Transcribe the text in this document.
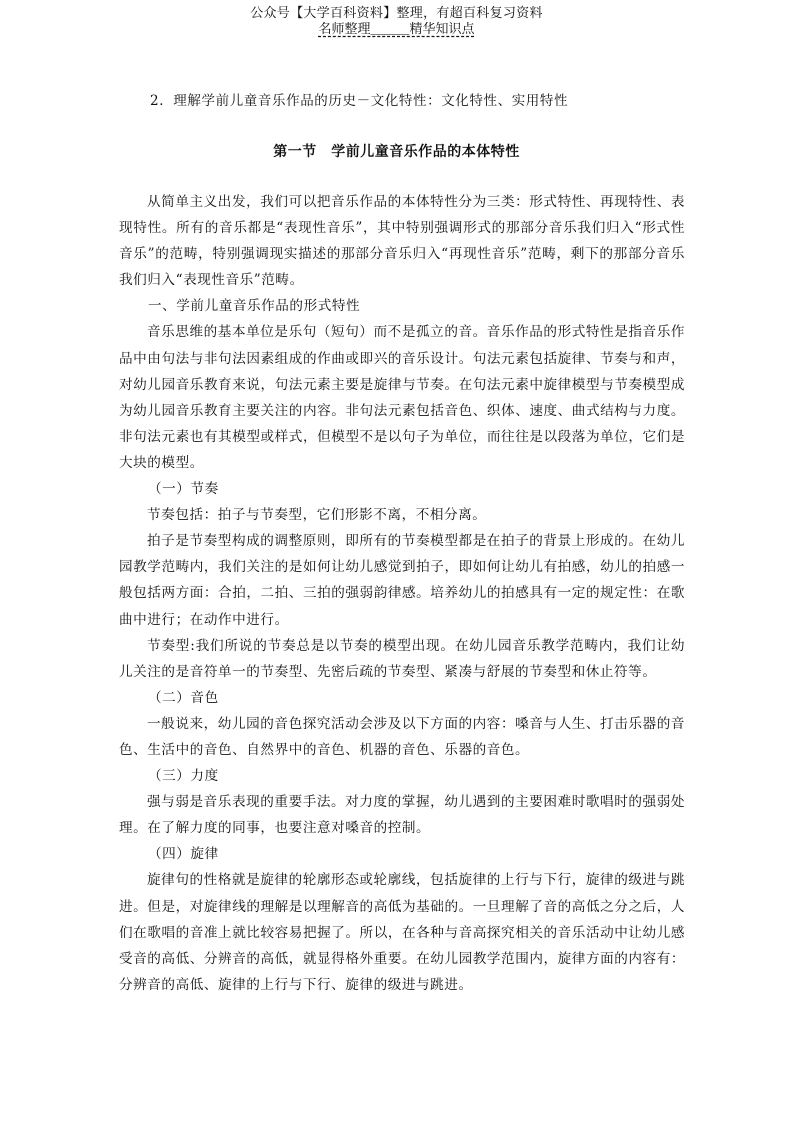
公众号【大学百科资料】整理，有超百科复习资料
名师整理＿＿＿精华知识点
2．理解学前儿童音乐作品的历史－文化特性：文化特性、实用特性
第一节　学前儿童音乐作品的本体特性

从简单主义出发，我们可以把音乐作品的本体特性分为三类：形式特性、再现特性、表现特性。所有的音乐都是“表现性音乐”，其中特别强调形式的那部分音乐我们归入“形式性音乐”的范畴，特别强调现实描述的那部分音乐归入“再现性音乐”范畴，剩下的那部分音乐我们归入“表现性音乐”范畴。

一、学前儿童音乐作品的形式特性

音乐思维的基本单位是乐句（短句）而不是孤立的音。音乐作品的形式特性是指音乐作品中由句法与非句法因素组成的作曲或即兴的音乐设计。句法元素包括旋律、节奏与和声，对幼儿园音乐教育来说，句法元素主要是旋律与节奏。在句法元素中旋律模型与节奏模型成为幼儿园音乐教育主要关注的内容。非句法元素包括音色、织体、速度、曲式结构与力度。非句法元素也有其模型或样式，但模型不是以句子为单位，而往往是以段落为单位，它们是大块的模型。

（一）节奏

节奏包括：拍子与节奏型，它们形影不离，不相分离。

拍子是节奏型构成的调整原则，即所有的节奏模型都是在拍子的背景上形成的。在幼儿园教学范畴内，我们关注的是如何让幼儿感觉到拍子，即如何让幼儿有拍感，幼儿的拍感一般包括两方面：合拍，二拍、三拍的强弱韵律感。培养幼儿的拍感具有一定的规定性：在歌曲中进行；在动作中进行。

节奏型:我们所说的节奏总是以节奏的模型出现。在幼儿园音乐教学范畴内，我们让幼儿关注的是音符单一的节奏型、先密后疏的节奏型、紧凑与舒展的节奏型和休止符等。

（二）音色

一般说来，幼儿园的音色探究活动会涉及以下方面的内容：嗓音与人生、打击乐器的音色、生活中的音色、自然界中的音色、机器的音色、乐器的音色。

（三）力度

强与弱是音乐表现的重要手法。对力度的掌握，幼儿遇到的主要困难时歌唱时的强弱处理。在了解力度的同事，也要注意对嗓音的控制。

（四）旋律

旋律句的性格就是旋律的轮廓形态或轮廓线，包括旋律的上行与下行，旋律的级进与跳进。但是，对旋律线的理解是以理解音的高低为基础的。一旦理解了音的高低之分之后，人们在歌唱的音准上就比较容易把握了。所以，在各种与音高探究相关的音乐活动中让幼儿感受音的高低、分辨音的高低，就显得格外重要。在幼儿园教学范围内，旋律方面的内容有：分辨音的高低、旋律的上行与下行、旋律的级进与跳进。
